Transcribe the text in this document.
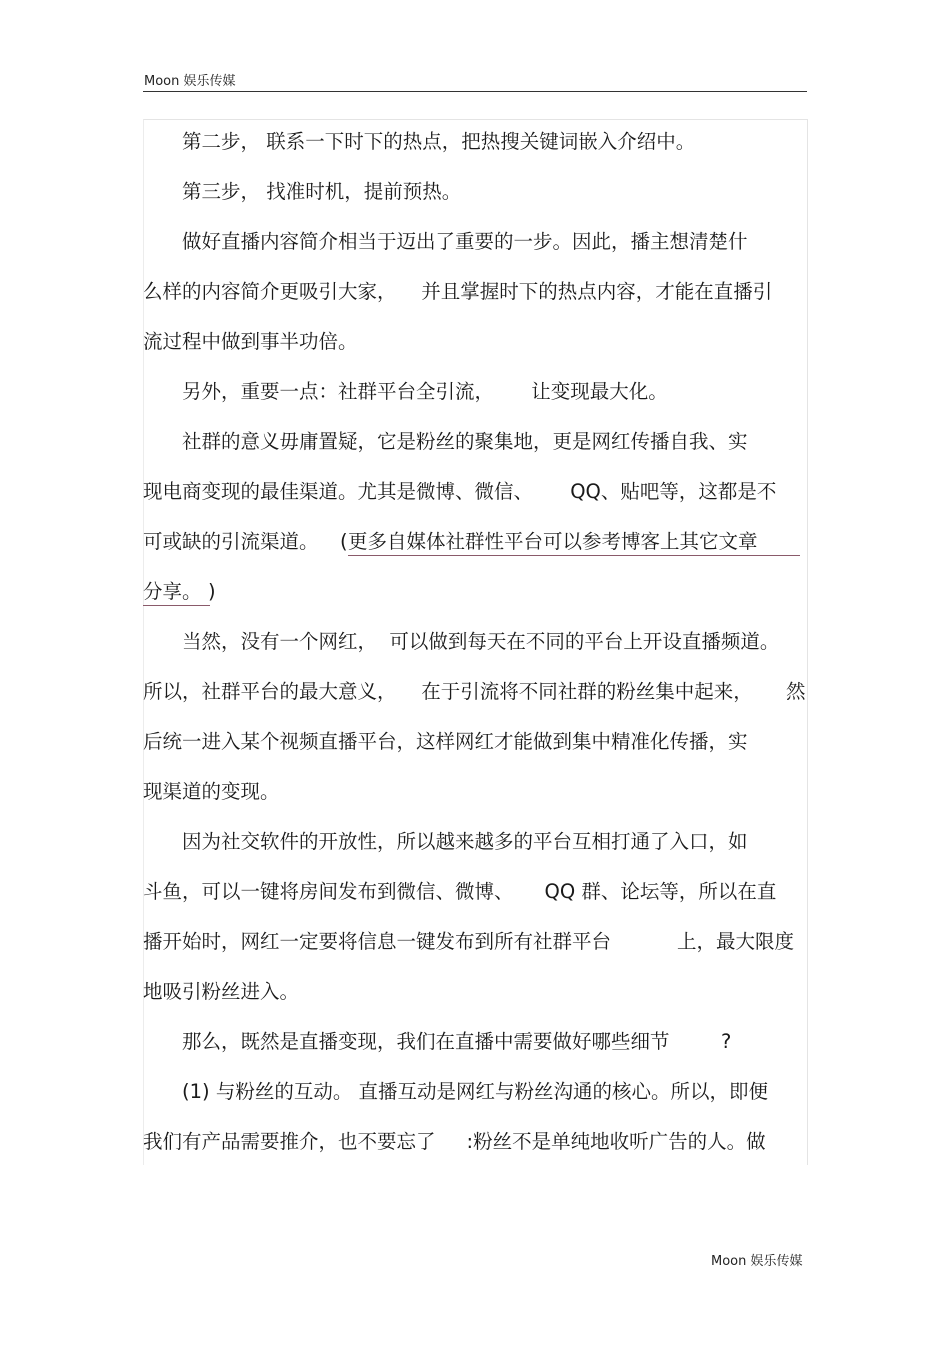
Moon 娱乐传媒
第二步， 联系一下时下的热点，把热搜关键词嵌入介绍中。
第三步， 找准时机，提前预热。
做好直播内容简介相当于迈出了重要的一步。因此，播主想清楚什
么样的内容简介更吸引大家，    并且掌握时下的热点内容，才能在直播引
流过程中做到事半功倍。
另外，重要一点：社群平台全引流，      让变现最大化。
社群的意义毋庸置疑，它是粉丝的聚集地，更是网红传播自我、实
现电商变现的最佳渠道。尤其是微博、微信、      QQ、贴吧等，这都是不
可或缺的引流渠道。 ( 更多自媒体社群性平台可以参考博客上其它文章
分享。 )
当然，没有一个网红，  可以做到每天在不同的平台上开设直播频道。
所以，社群平台的最大意义，    在于引流将不同社群的粉丝集中起来， 然
后统一进入某个视频直播平台，这样网红才能做到集中精准化传播，实
现渠道的变现。
因为社交软件的开放性，所以越来越多的平台互相打通了入口，如
斗鱼，可以一键将房间发布到微信、微博、     QQ 群、论坛等，所以在直
播开始时，网红一定要将信息一键发布到所有社群平台	上，最大限度
地吸引粉丝进入。
那么，既然是直播变现，我们在直播中需要做好哪些细节	?
(1) 与粉丝的互动。 直播互动是网红与粉丝沟通的核心。所以，即便
我们有产品需要推介，也不要忘了     :粉丝不是单纯地收听广告的人。做
Moon 娱乐传媒
